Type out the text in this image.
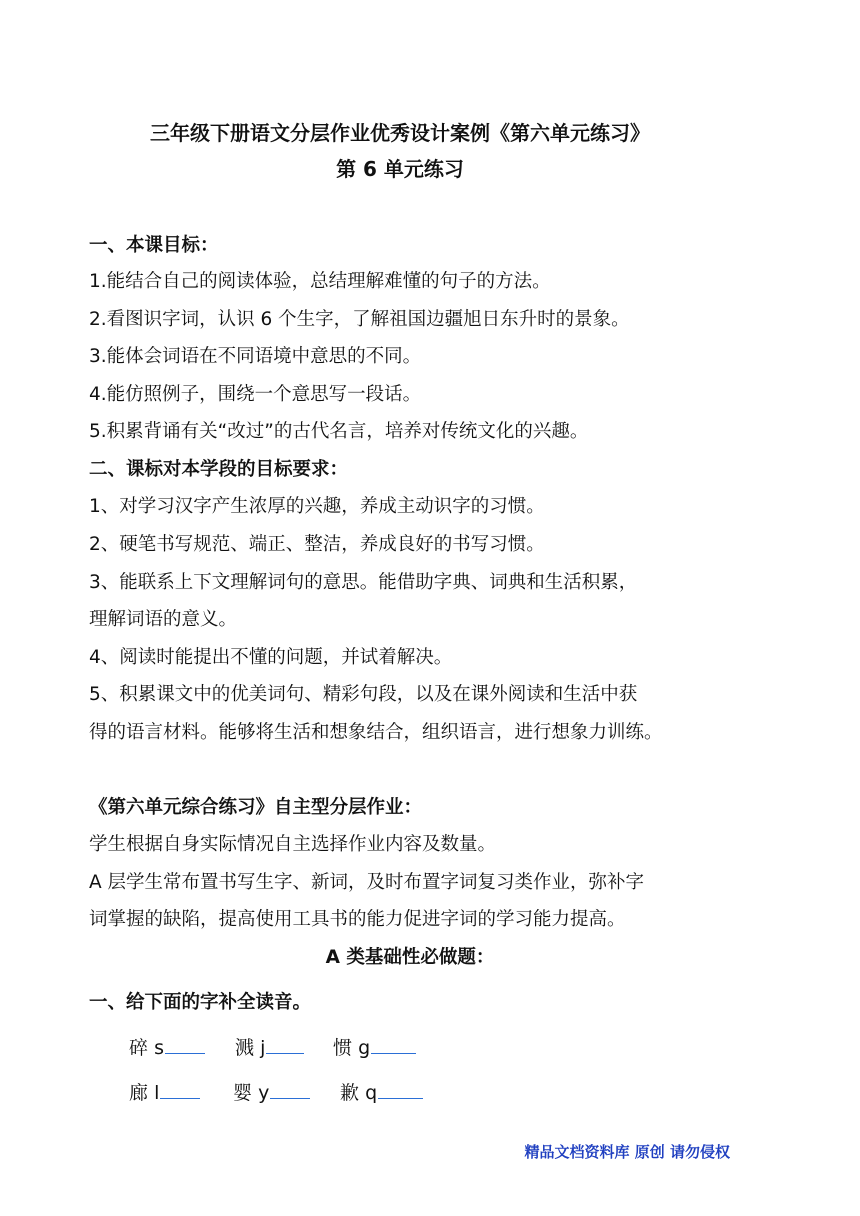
三年级下册语文分层作业优秀设计案例《第六单元练习》
第 6 单元练习
一、本课目标：
1.能结合自己的阅读体验，总结理解难懂的句子的方法。
2.看图识字词，认识 6 个生字，了解祖国边疆旭日东升时的景象。
3.能体会词语在不同语境中意思的不同。
4.能仿照例子，围绕一个意思写一段话。
5.积累背诵有关“改过”的古代名言，培养对传统文化的兴趣。
二、课标对本学段的目标要求：
1、对学习汉字产生浓厚的兴趣，养成主动识字的习惯。
2、硬笔书写规范、端正、整洁，养成良好的书写习惯。
3、能联系上下文理解词句的意思。能借助字典、词典和生活积累，
理解词语的意义。
4、阅读时能提出不懂的问题，并试着解决。
5、积累课文中的优美词句、精彩句段，以及在课外阅读和生活中获
得的语言材料。能够将生活和想象结合，组织语言，进行想象力训练。
《第六单元综合练习》自主型分层作业：
学生根据自身实际情况自主选择作业内容及数量。
A 层学生常布置书写生字、新词，及时布置字词复习类作业，弥补字
词掌握的缺陷，提高使用工具书的能力促进字词的学习能力提高。
A 类基础性必做题：
一、给下面的字补全读音。
碎 s	溅 j	惯 g
廊 l	婴 y	歉 q
精品文档资料库 原创 请勿侵权
